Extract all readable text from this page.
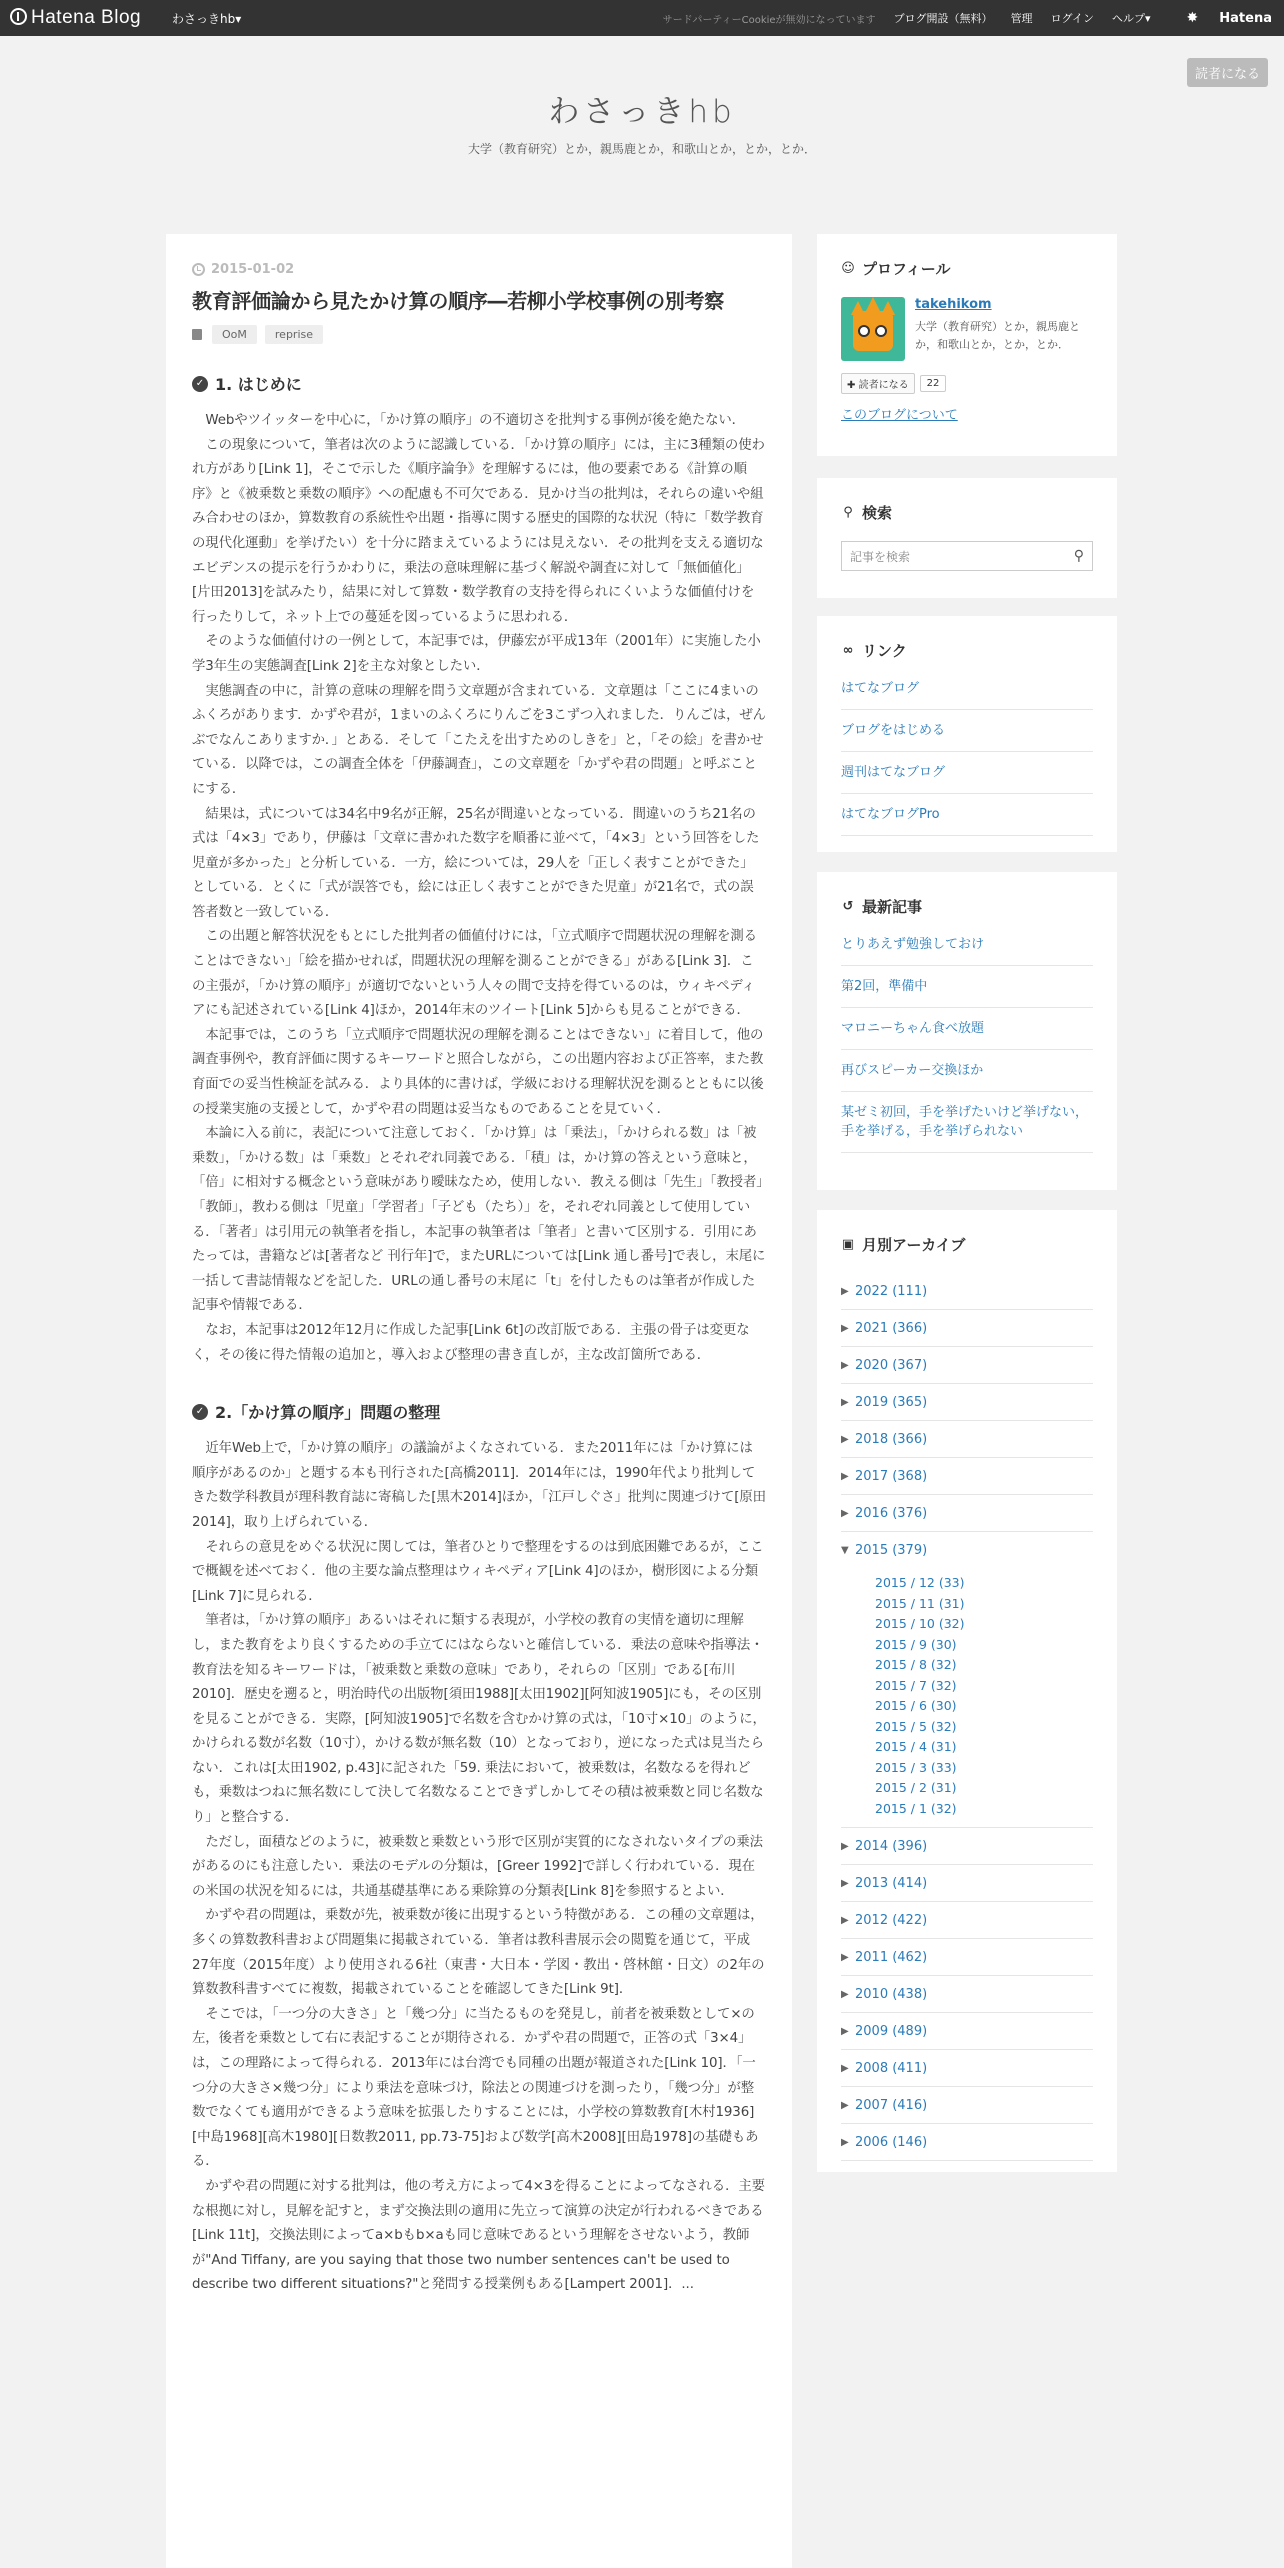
Hatena Blog	わさっきhb▾	サードパーティーCookieが無効になっています ブログ開設（無料） 管理 ログイン ヘルプ▾	✸ Hatena
読者になる
わさっきhb
大学（教育研究）とか，親馬鹿とか，和歌山とか，とか，とか．
2015-01-02
教育評価論から見たかけ算の順序―若柳小学校事例の別考察
OoM	reprise
✓ 1. はじめに

Webやツイッターを中心に，「かけ算の順序」の不適切さを批判する事例が後を絶たない．

この現象について，筆者は次のように認識している．「かけ算の順序」には，主に3種類の使われ方があり[Link 1]，そこで示した《順序論争》を理解するには，他の要素である《計算の順序》と《被乗数と乗数の順序》への配慮も不可欠である．見かけ当の批判は，それらの違いや組み合わせのほか，算数教育の系統性や出題・指導に関する歴史的国際的な状況（特に「数学教育の現代化運動」を挙げたい）を十分に踏まえているようには見えない．その批判を支える適切なエビデンスの提示を行うかわりに，乗法の意味理解に基づく解説や調査に対して「無価値化」[片田2013]を試みたり，結果に対して算数・数学教育の支持を得られにくいような価値付けを行ったりして，ネット上での蔓延を図っているように思われる．

そのような価値付けの一例として，本記事では，伊藤宏が平成13年（2001年）に実施した小学3年生の実態調査[Link 2]を主な対象としたい．

実態調査の中に，計算の意味の理解を問う文章題が含まれている．文章題は「ここに4まいのふくろがあります．かずや君が，1まいのふくろにりんごを3こずつ入れました．りんごは，ぜんぶでなんこありますか．」とある．そして「こたえを出すためのしきを」と，「その絵」を書かせている．以降では，この調査全体を「伊藤調査」，この文章題を「かずや君の問題」と呼ぶことにする．

結果は，式については34名中9名が正解，25名が間違いとなっている．間違いのうち21名の式は「4×3」であり，伊藤は「文章に書かれた数字を順番に並べて，「4×3」という回答をした児童が多かった」と分析している．一方，絵については，29人を「正しく表すことができた」としている．とくに「式が誤答でも，絵には正しく表すことができた児童」が21名で，式の誤答者数と一致している．

この出題と解答状況をもとにした批判者の価値付けには，「立式順序で問題状況の理解を測ることはできない」「絵を描かせれば，問題状況の理解を測ることができる」がある[Link 3]．この主張が，「かけ算の順序」が適切でないという人々の間で支持を得ているのは，ウィキペディアにも記述されている[Link 4]ほか，2014年末のツイート[Link 5]からも見ることができる．

本記事では，このうち「立式順序で問題状況の理解を測ることはできない」に着目して，他の調査事例や，教育評価に関するキーワードと照合しながら，この出題内容および正答率，また教育面での妥当性検証を試みる．より具体的に書けば，学級における理解状況を測るとともに以後の授業実施の支援として，かずや君の問題は妥当なものであることを見ていく．

本論に入る前に，表記について注意しておく．「かけ算」は「乗法」，「かけられる数」は「被乗数」，「かける数」は「乗数」とそれぞれ同義である．「積」は，かけ算の答えという意味と，「倍」に相対する概念という意味があり曖昧なため，使用しない．教える側は「先生」「教授者」「教師」，教わる側は「児童」「学習者」「子ども（たち）」を，それぞれ同義として使用している．「著者」は引用元の執筆者を指し，本記事の執筆者は「筆者」と書いて区別する．引用にあたっては，書籍などは[著者など 刊行年]で，またURLについては[Link 通し番号]で表し，末尾に一括して書誌情報などを記した．URLの通し番号の末尾に「t」を付したものは筆者が作成した記事や情報である．

なお，本記事は2012年12月に作成した記事[Link 6t]の改訂版である．主張の骨子は変更なく，その後に得た情報の追加と，導入および整理の書き直しが，主な改訂箇所である．

✓ 2.「かけ算の順序」問題の整理

近年Web上で，「かけ算の順序」の議論がよくなされている．また2011年には「かけ算には順序があるのか」と題する本も刊行された[高橋2011]．2014年には，1990年代より批判してきた数学科教員が理科教育誌に寄稿した[黒木2014]ほか，「江戸しぐさ」批判に関連づけて[原田2014]，取り上げられている．

それらの意見をめぐる状況に関しては，筆者ひとりで整理をするのは到底困難であるが，ここで概観を述べておく．他の主要な論点整理はウィキペディア[Link 4]のほか，樹形図による分類[Link 7]に見られる．

筆者は，「かけ算の順序」あるいはそれに類する表現が，小学校の教育の実情を適切に理解し，また教育をより良くするための手立てにはならないと確信している．乗法の意味や指導法・教育法を知るキーワードは，「被乗数と乗数の意味」であり，それらの「区別」である[布川2010]．歴史を遡ると，明治時代の出版物[須田1988][太田1902][阿知波1905]にも，その区別を見ることができる．実際，[阿知波1905]で名数を含むかけ算の式は，「10寸×10」のように，かけられる数が名数（10寸），かける数が無名数（10）となっており，逆になった式は見当たらない．これは[太田1902, p.43]に記された「59. 乗法において，被乗数は，名数なるを得れども，乗数はつねに無名数にして決して名数なることできずしかしてその積は被乗数と同じ名数なり」と整合する．

ただし，面積などのように，被乗数と乗数という形で区別が実質的になされないタイプの乗法があるのにも注意したい．乗法のモデルの分類は，[Greer 1992]で詳しく行われている．現在の米国の状況を知るには，共通基礎基準にある乗除算の分類表[Link 8]を参照するとよい．

かずや君の問題は，乗数が先，被乗数が後に出現するという特徴がある．この種の文章題は，多くの算数教科書および問題集に掲載されている．筆者は教科書展示会の閲覧を通じて，平成27年度（2015年度）より使用される6社（東書・大日本・学図・教出・啓林館・日文）の2年の算数教科書すべてに複数，掲載されていることを確認してきた[Link 9t]．

そこでは，「一つ分の大きさ」と「幾つ分」に当たるものを発見し，前者を被乗数として×の左，後者を乗数として右に表記することが期待される．かずや君の問題で，正答の式「3×4」は，この理路によって得られる．2013年には台湾でも同種の出題が報道された[Link 10]．「一つ分の大きさ×幾つ分」により乗法を意味づけ，除法との関連づけを測ったり，「幾つ分」が整数でなくても適用ができるよう意味を拡張したりすることには，小学校の算数教育[木村1936][中島1968][高木1980][日数教2011, pp.73-75]および数学[高木2008][田島1978]の基礎もある．

かずや君の問題に対する批判は，他の考え方によって4×3を得ることによってなされる．主要な根拠に対し，見解を記すと，まず交換法則の適用に先立って演算の決定が行われるべきである[Link 11t]，交換法則によってa×bもb×aも同じ意味であるという理解をさせないよう，教師が"And Tiffany, are you saying that those two number sentences can't be used to describe two different situations?"と発問する授業例もある[Lampert 2001]．...

☺ プロフィール
takehikom
大学（教育研究）とか，親馬鹿とか，和歌山とか，とか，とか．
✚ 読者になる	22
このブログについて
⚲ 検索
記事を検索	⚲
∞ リンク
はてなブログ
ブログをはじめる
週刊はてなブログ
はてなブログPro
↺ 最新記事
とりあえず勉強しておけ
第2回，準備中
マロニーちゃん食べ放題
再びスピーカー交換ほか
某ゼミ初回，手を挙げたいけど挙げない，手を挙げる，手を挙げられない
▣ 月別アーカイブ
▶ 2022 (111)
▶ 2021 (366)
▶ 2020 (367)
▶ 2019 (365)
▶ 2018 (366)
▶ 2017 (368)
▶ 2016 (376)
▼ 2015 (379)
2015 / 12 (33)
2015 / 11 (31)
2015 / 10 (32)
2015 / 9 (30)
2015 / 8 (32)
2015 / 7 (32)
2015 / 6 (30)
2015 / 5 (32)
2015 / 4 (31)
2015 / 3 (33)
2015 / 2 (31)
2015 / 1 (32)
▶ 2014 (396)
▶ 2013 (414)
▶ 2012 (422)
▶ 2011 (462)
▶ 2010 (438)
▶ 2009 (489)
▶ 2008 (411)
▶ 2007 (416)
▶ 2006 (146)
